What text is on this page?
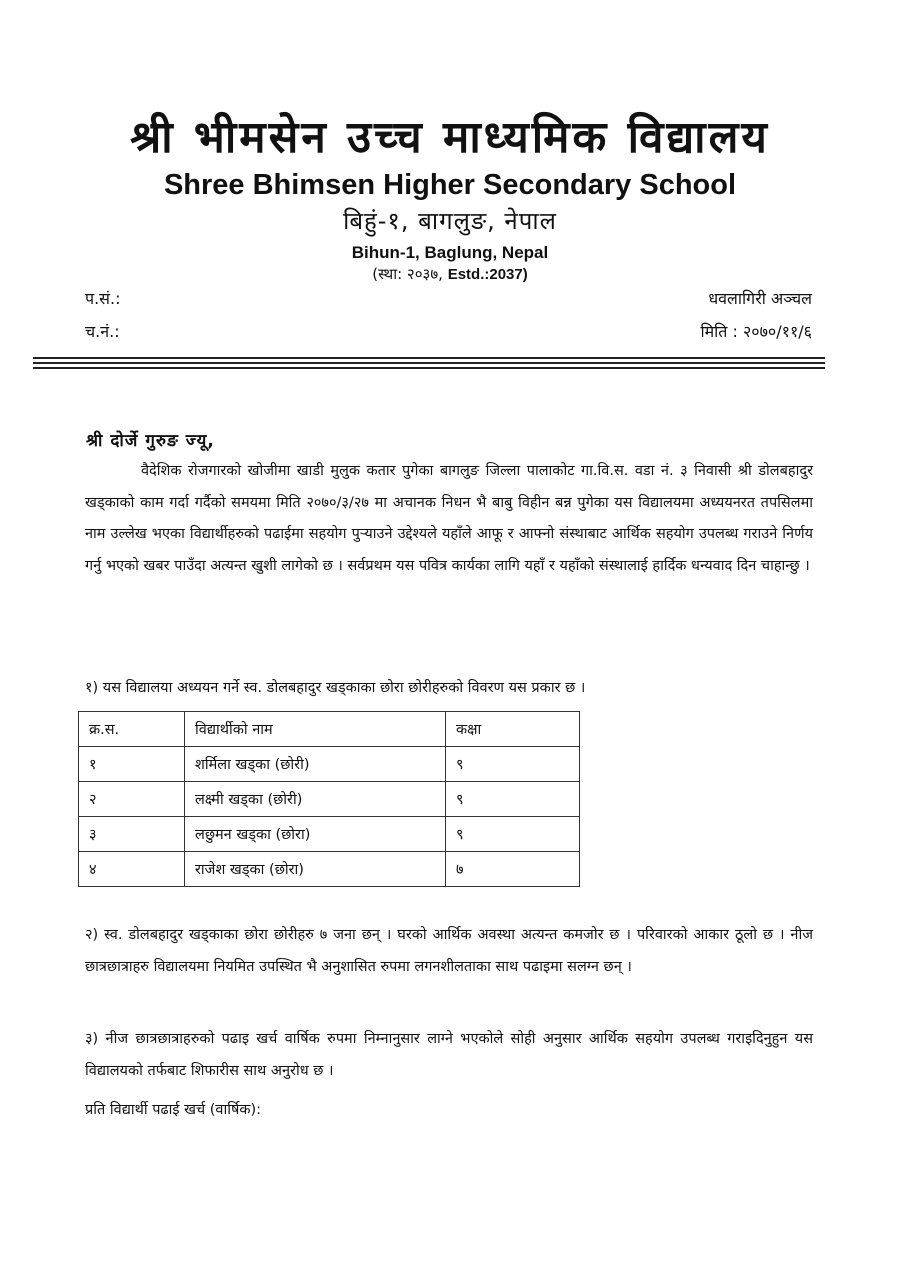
श्री भीमसेन उच्च माध्यमिक विद्यालय
Shree Bhimsen Higher Secondary School
बिहुं-१, बागलुङ, नेपाल
Bihun-1, Baglung, Nepal
(स्था: २०३७, Estd.:2037)
प.सं.:
च.नं.:
धवलागिरी अञ्चल
मिति : २०७०/११/६
श्री दोर्जे गुरुङ ज्यू,
वैदेशिक रोजगारको खोजीमा खाडी मुलुक कतार पुगेका बागलुङ जिल्ला पालाकोट गा.वि.स. वडा नं. ३ निवासी श्री डोलबहादुर खड्काको काम गर्दा गर्दैको समयमा मिति २०७०/३/२७ मा अचानक निधन भै बाबु विहीन बन्न पुगेका यस विद्यालयमा अध्ययनरत तपसिलमा नाम उल्लेख भएका विद्यार्थीहरुको पढाईमा सहयोग पुऱ्याउने उद्देश्यले यहाँले आफू र आफ्नो संस्थाबाट आर्थिक सहयोग उपलब्ध गराउने निर्णय गर्नु भएको खबर पाउँदा अत्यन्त खुशी लागेको छ । सर्वप्रथम यस पवित्र कार्यका लागि यहाँ र यहाँको संस्थालाई हार्दिक धन्यवाद दिन चाहान्छु ।
१) यस विद्यालया अध्ययन गर्ने स्व. डोलबहादुर खड्काका छोरा छोरीहरुको विवरण यस प्रकार छ ।
क्र.स.	विद्यार्थीको नाम	कक्षा
१	शर्मिला खड्का (छोरी)	९
२	लक्ष्मी खड्का (छोरी)	९
३	लछुमन खड्का (छोरा)	९
४	राजेश खड्का (छोरा)	७
२) स्व. डोलबहादुर खड्काका छोरा छोरीहरु ७ जना छन् । घरको आर्थिक अवस्था अत्यन्त कमजोर छ । परिवारको आकार ठूलो छ । नीज छात्रछात्राहरु विद्यालयमा नियमित उपस्थित भै अनुशासित रुपमा लगनशीलताका साथ पढाइमा सलग्न छन् ।
३) नीज छात्रछात्राहरुको पढाइ खर्च वार्षिक रुपमा निम्नानुसार लाग्ने भएकोले सोही अनुसार आर्थिक सहयोग उपलब्ध गराइदिनुहुन यस विद्यालयको तर्फबाट शिफारीस साथ अनुरोध छ ।
प्रति विद्यार्थी पढाई खर्च (वार्षिक):
